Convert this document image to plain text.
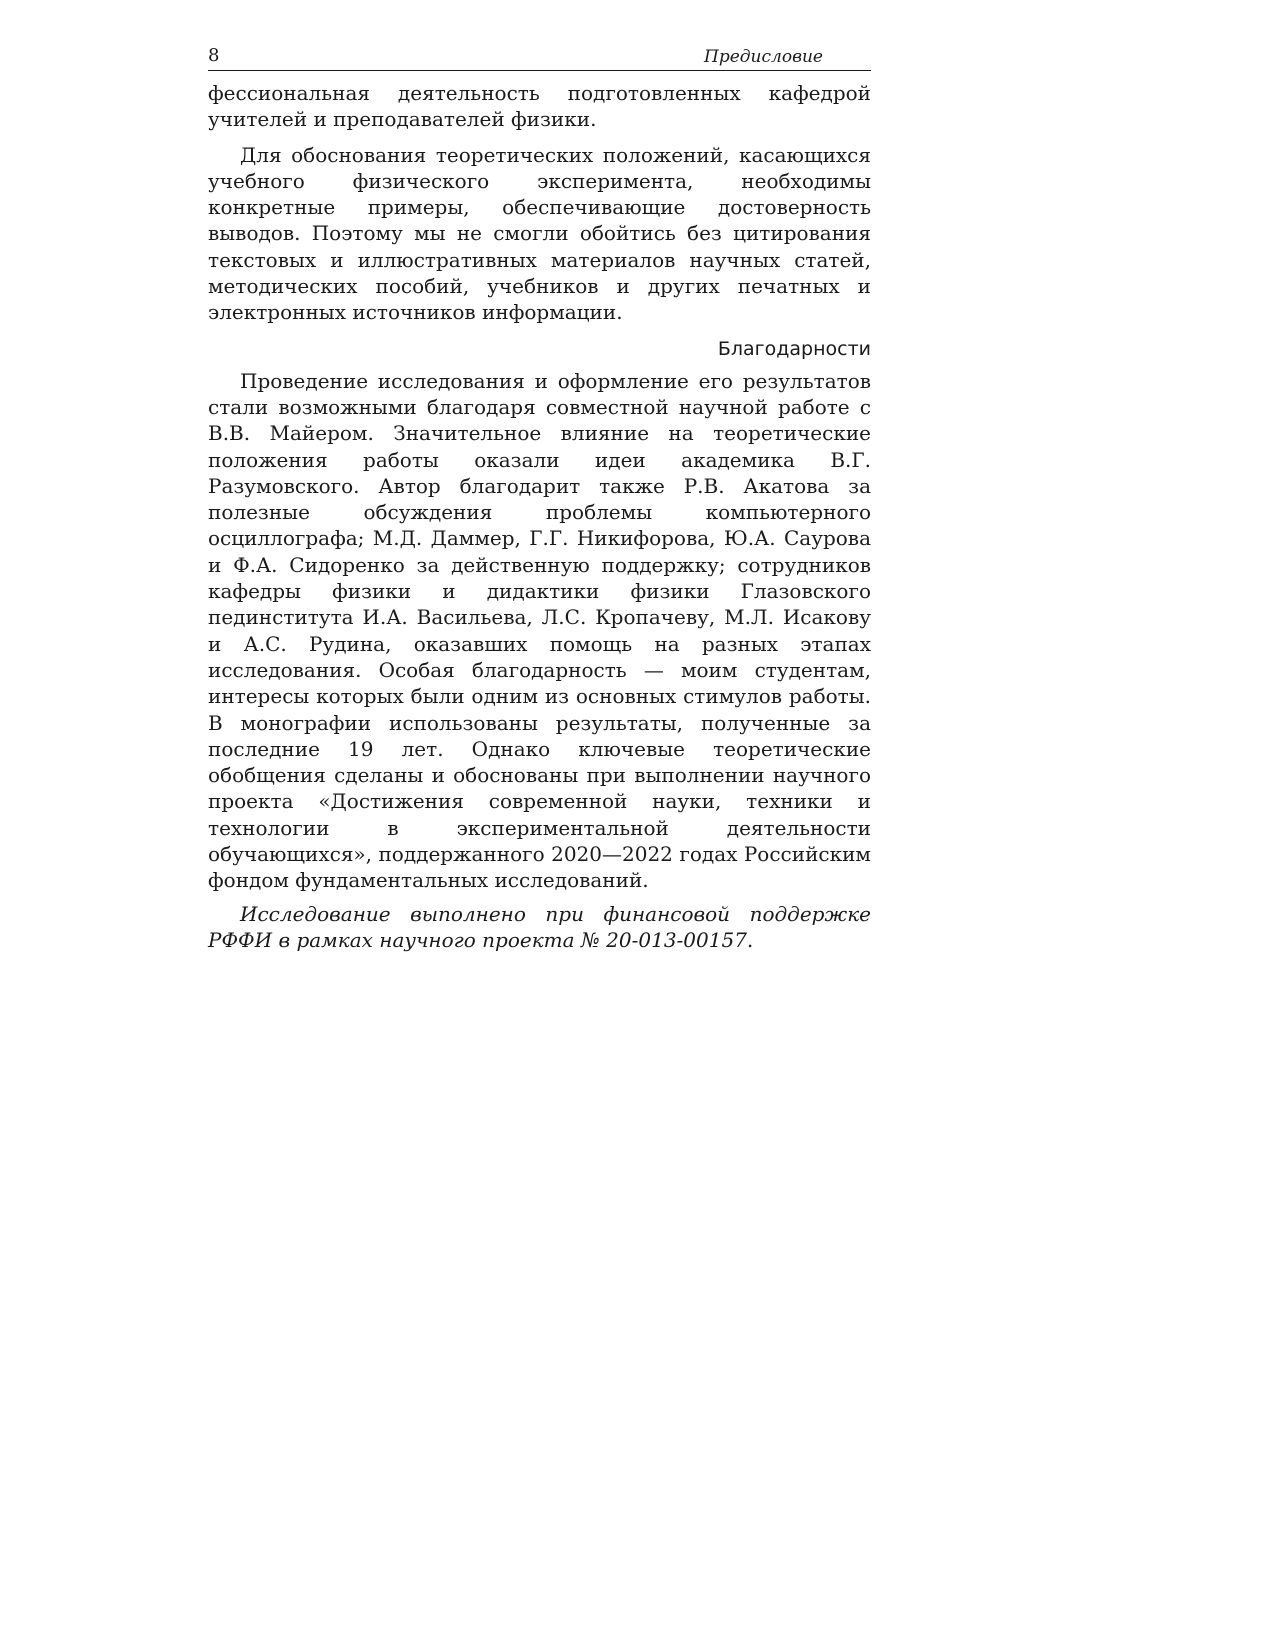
8	Предисловие

фессиональная деятельность подготовленных кафедрой учителей и преподавателей физики.

Для обоснования теоретических положений, касающихся учебного физического эксперимента, необходимы конкретные примеры, обеспечивающие достоверность выводов. Поэтому мы не смогли обойтись без цитирования текстовых и иллюстративных материалов научных статей, методических пособий, учебников и других печатных и электронных источников информации.

Благодарности

Проведение исследования и оформление его результатов стали возможными благодаря совместной научной работе с В.В. Майером. Значительное влияние на теоретические положения работы оказали идеи академика В.Г. Разумовского. Автор благодарит также Р.В. Акатова за полезные обсуждения проблемы компьютерного осциллографа; М.Д. Даммер, Г.Г. Никифорова, Ю.А. Саурова и Ф.А. Сидоренко за действенную поддержку; сотрудников кафедры физики и дидактики физики Глазовского пединститута И.А. Васильева, Л.С. Кропачеву, М.Л. Исакову и А.С. Рудина, оказавших помощь на разных этапах исследования. Особая благодарность — моим студентам, интересы которых были одним из основных стимулов работы. В монографии использованы результаты, полученные за последние 19 лет. Однако ключевые теоретические обобщения сделаны и обоснованы при выполнении научного проекта «Достижения современной науки, техники и технологии в экспериментальной деятельности обучающихся», поддержанного 2020—2022 годах Российским фондом фундаментальных исследований.

Исследование выполнено при финансовой поддержке РФФИ в рамках научного проекта № 20-013-00157.
